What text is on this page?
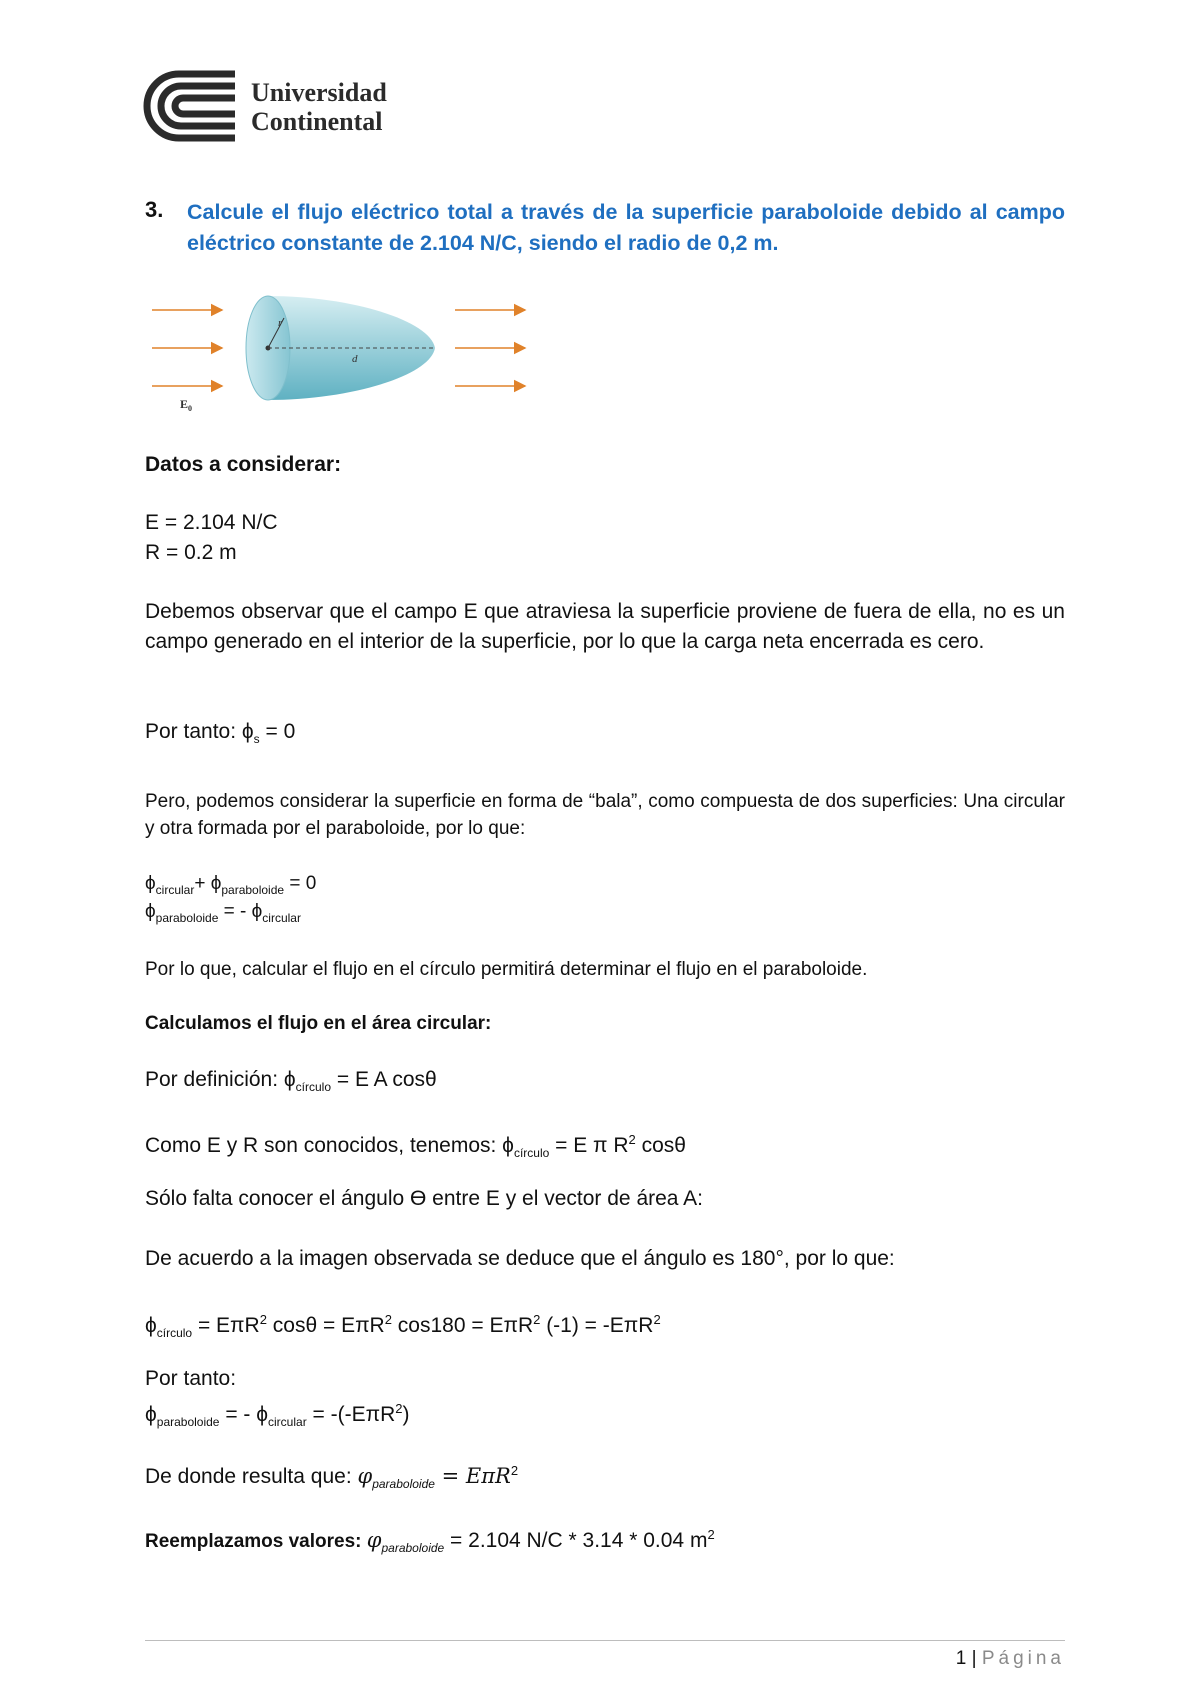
Universidad
Continental
3. Calcule el flujo eléctrico total a través de la superficie paraboloide debido al campo eléctrico constante de 2.104 N/C, siendo el radio de 0,2 m.
r
d
$E_0$
Datos a considerar:
E = 2.104 N/C
R = 0.2 m
Debemos observar que el campo E que atraviesa la superficie proviene de fuera de ella, no es un campo generado en el interior de la superficie, por lo que la carga neta encerrada es cero.
Por tanto: $\phi_s = 0$
Pero, podemos considerar la superficie en forma de “bala”, como compuesta de dos superficies: Una circular y otra formada por el paraboloide, por lo que:
$\phi_{circular}+ \phi_{paraboloide} = 0$
$\phi_{paraboloide}$ = - $\phi_{circular}$
Por lo que, calcular el flujo en el círculo permitirá determinar el flujo en el paraboloide.
Calculamos el flujo en el área circular:
Por definición: $\phi_{círculo} = E$ A cosθ
Como E y R son conocidos, tenemos: $\phi_{círculo} = E$ π $R^2$ cosθ
Sólo falta conocer el ángulo Ɵ entre E y el vector de área A:
De acuerdo a la imagen observada se deduce que el ángulo es 180°, por lo que:
$\phi_{círculo} = E\pi R^2$ cosθ = EπR$^2$ cos180 = EπR$^2$ (-1) = -EπR$^2$
Por tanto:
$\phi_{paraboloide}$ = - $\phi_{circular} = -(-E\pi R^2)$
De donde resulta que: $\varphi_{paraboloide} = E\pi R^2$
Reemplazamos valores: $\varphi_{paraboloide} = 2.104$ N/C * 3.14 * 0.04 $m^2$
1 | Página
